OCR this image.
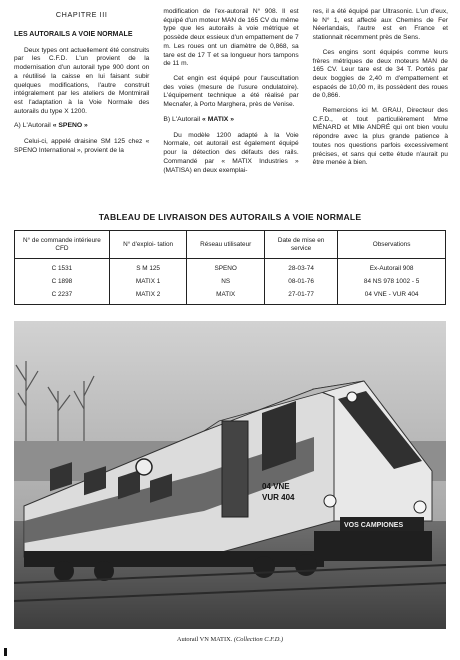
CHAPITRE III
LES AUTORAILS A VOIE NORMALE

Deux types ont actuellement été construits par les C.F.D. L'un provient de la modernisation d'un autorail type 900 dont on a réutilisé la caisse en lui faisant subir quelques modifications, l'autre construit intégralement par les ateliers de Montmirail est l'adaptation à la Voie Normale des autorails du type X 1200.

A) L'Autorail « SPENO »

Celui-ci, appelé draisine SM 125 chez « SPENO International », provient de la

modification de l'ex-autorail N° 908. Il est équipé d'un moteur MAN de 165 CV du même type que les autorails à voie métrique et possède deux essieux d'un empattement de 7 m. Les roues ont un diamètre de 0,868, sa tare est de 17 T et sa longueur hors tampons de 11 m.

Cet engin est équipé pour l'auscultation des voies (mesure de l'usure ondulatoire). L'équipement technique a été réalisé par Mecnafer, à Porto Marghera, près de Venise.

B) L'Autorail « MATIX »

Du modèle 1200 adapté à la Voie Normale, cet autorail est également équipé pour la détection des défauts des rails. Commandé par « MATIX Industries » (MATISA) en deux exemplai-

res, il a été équipé par Ultrasonic. L'un d'eux, le N° 1, est affecté aux Chemins de Fer Néerlandais, l'autre est en France et stationnait récemment près de Sens.

Ces engins sont équipés comme leurs frères métriques de deux moteurs MAN de 165 CV. Leur tare est de 34 T. Portés par deux boggies de 2,40 m d'empattement et espacés de 10,00 m, ils possèdent des roues de 0,866.

Remercions ici M. GRAU, Directeur des C.F.D., et tout particulièrement Mme MÉNARD et Mlle ANDRÉ qui ont bien voulu répondre avec la plus grande patience à toutes nos questions parfois excessivement précises, et sans qui cette étude n'aurait pu être menée à bien.

TABLEAU DE LIVRAISON DES AUTORAILS A VOIE NORMALE
N° de commande intérieure CFD	N° d'exploi- tation	Réseau utilisateur	Date de mise en service	Observations
C 1531	S M 125	SPENO	28-03-74	Ex-Autorail 908
C 1898	MATIX 1	NS	08-01-76	84 NS 978 1002 - 5
C 2237	MATIX 2	MATIX	27-01-77	04 VNE - VUR 404
VOS CAMPIONES
04 VNE
VUR 404
Autorail VN MATIX. (Collection C.F.D.)
